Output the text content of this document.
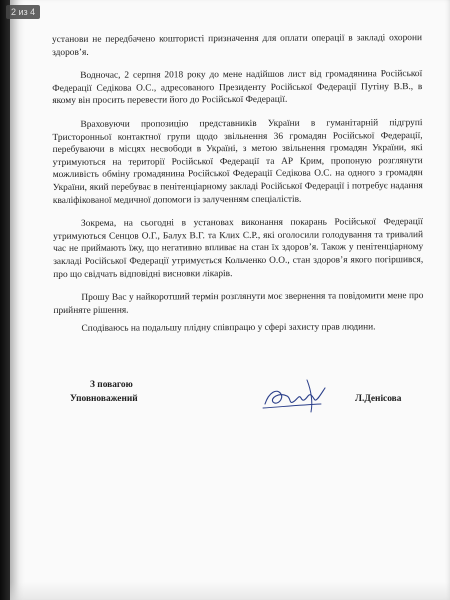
2 из 4

установи не передбачено коштористі призначення для оплати операції в закладі охорони здоров’я.

Водночас, 2 серпня 2018 року до мене надійшов лист від громадянина Російської Федерації Седікова О.С., адресованого Президенту Російської Федерації Путіну В.В., в якому він просить перевести його до Російської Федерації.

Враховуючи пропозицію представників України в гуманітарній підгрупі Тристоронньої контактної групи щодо звільнення 36 громадян Російської Федерації, перебуваючи в місцях несвободи в Україні, з метою звільнення громадян України, які утримуються на території Російської Федерації та АР Крим, пропоную розглянути можливість обміну громадянина Російської Федерації Седікова О.С. на одного з громадян України, який перебуває в пенітенціарному закладі Російської Федерації і потребує надання кваліфікованої медичної допомоги із залученням спеціалістів.

Зокрема, на сьогодні в установах виконання покарань Російської Федерації утримуються Сенцов О.Г., Балух В.Г. та Клих С.Р., які оголосили голодування та тривалий час не приймають їжу, що негативно впливає на стан їх здоров’я. Також у пенітенціарному закладі Російської Федерації утримується Кольченко О.О., стан здоров’я якого погіршився, про що свідчать відповідні висновки лікарів.

Прошу Вас у найкоротший термін розглянути моє звернення та повідомити мене про прийняте рішення.

Сподіваюсь на подальшу плідну співпрацю у сфері захисту прав людини.

З повагою
Уповноважений	Л.Денісова
